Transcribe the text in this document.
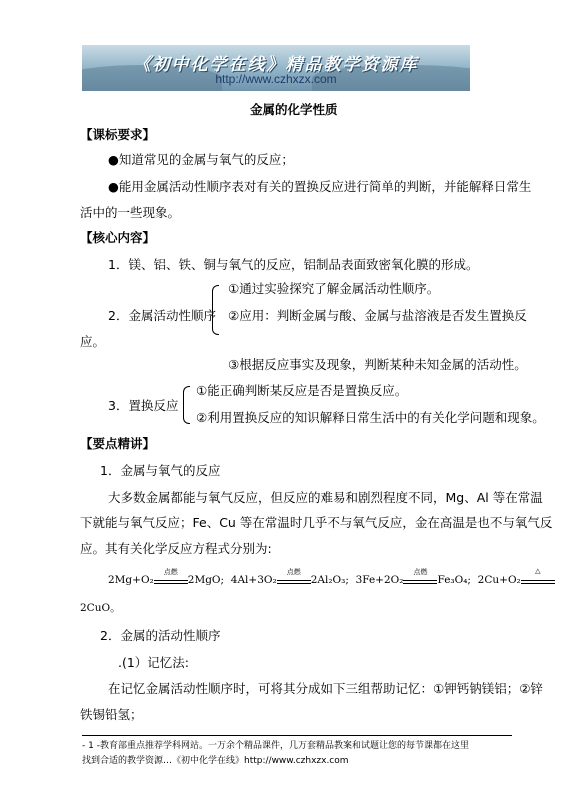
《初中化学在线》精品教学资源库
http://www.czhxzx.com
金属的化学性质
【课标要求】
●知道常见的金属与氧气的反应；
●能用金属活动性顺序表对有关的置换反应进行简单的判断，并能解释日常生
活中的一些现象。
【核心内容】
1．镁、铝、铁、铜与氧气的反应，铝制品表面致密氧化膜的形成。
①通过实验探究了解金属活动性顺序。
2．金属活动性顺序 ②应用：判断金属与酸、金属与盐溶液是否发生置换反
应。
③根据反应事实及现象，判断某种未知金属的活动性。
①能正确判断某反应是否是置换反应。
3．置换反应
②利用置换反应的知识解释日常生活中的有关化学问题和现象。
【要点精讲】
1．金属与氧气的反应
大多数金属都能与氧气反应，但反应的难易和剧烈程度不同，Mg、Al 等在常温
下就能与氧气反应；Fe、Cu 等在常温时几乎不与氧气反应，金在高温是也不与氧气反
应。其有关化学反应方程式分别为:
2Mg+O₂
点燃
2MgO; 4Al+3O₂
点燃
2Al₂O₃; 3Fe+2O₂
点燃
Fe₃O₄; 2Cu+O₂
△
2CuO。
2．金属的活动性顺序
.(1）记忆法:
在记忆金属活动性顺序时，可将其分成如下三组帮助记忆：①钾钙钠镁铝；②锌
铁锡铅氢；
- 1 -教育部重点推荐学科网站。一万余个精品课件，几万套精品教案和试题让您的每节课都在这里
找到合适的教学资源…《初中化学在线》http://www.czhxzx.com
